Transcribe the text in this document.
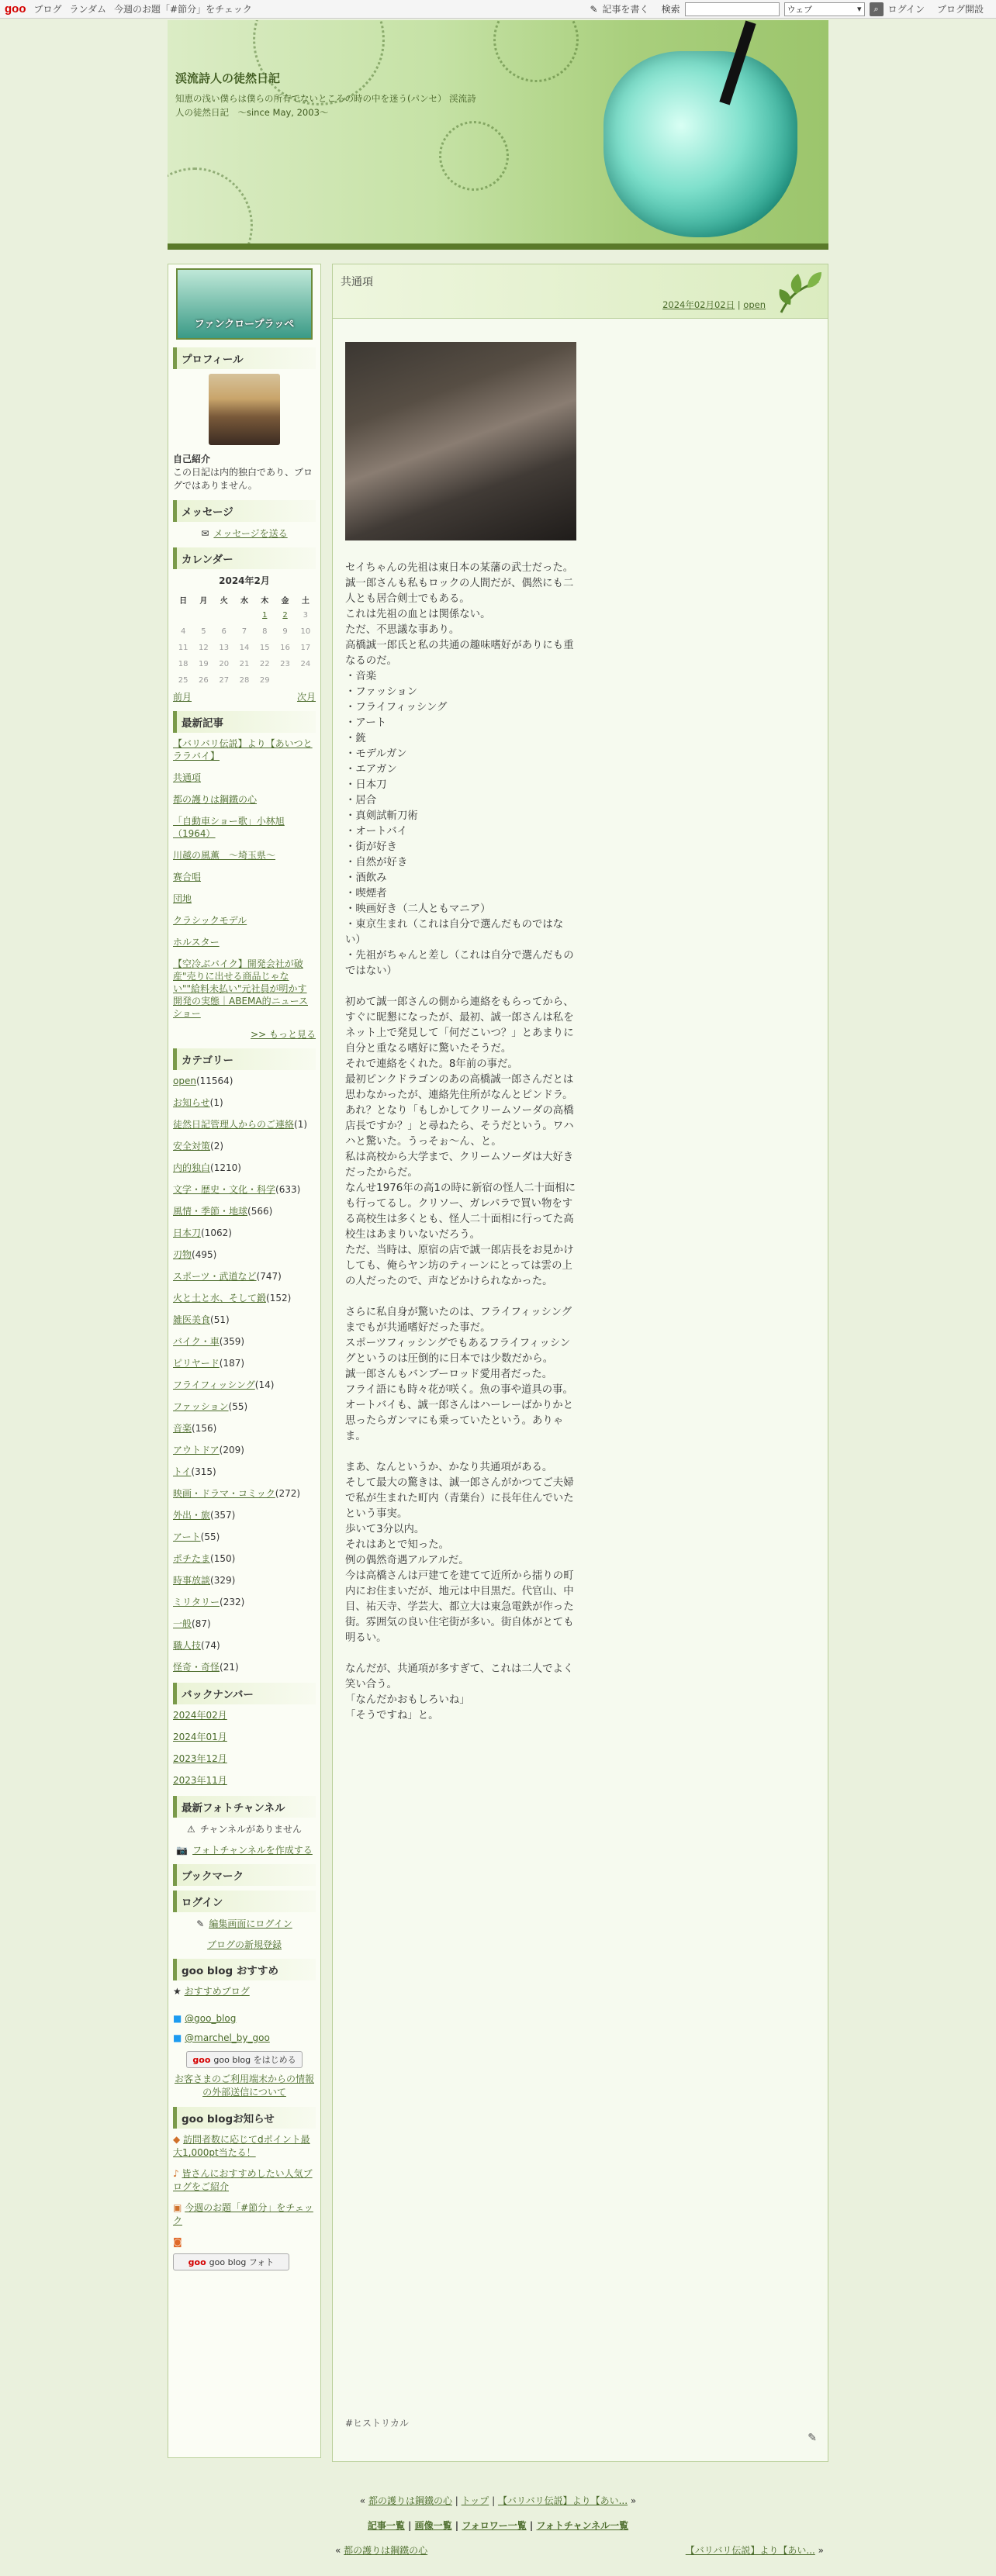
goo ブログ ランダム 今週のお題「#節分」をチェック	✎ 記事を書く 検索	ウェブ	▾ ⌕ ログイン ブログ開設
渓流詩人の徒然日記
知恵の浅い僕らは僕らの所有でないところの時の中を迷う(パンセ） 渓流詩人の徒然日記　〜since May, 2003〜
ファンクロープラッペ
プロフィール
自己紹介
この日記は内的独白であり、ブログではありません。
メッセージ
✉ メッセージを送る
カレンダー
2024年2月
日	月	火	水	木	金	土
				1	2	3
4	5	6	7	8	9	10
11	12	13	14	15	16	17
18	19	20	21	22	23	24
25	26	27	28	29		
前月	次月
最新記事
【バリバリ伝説】より【あいつとララバイ】
共通項
都の護りは鋼鐵の心
「自動車ショー歌」小林旭（1964）
川越の風薫　〜埼玉県〜
赛合唱
団地
クラシックモデル
ホルスター
【空冷ぶバイク】開発会社が破産"売りに出せる商品じゃない""給料未払い"元社員が明かす開発の実態｜ABEMA的ニュースショー
>> もっと見る
カテゴリー
open(11564)
お知らせ(1)
徒然日記管理人からのご連絡(1)
安全対策(2)
内的独白(1210)
文学・歴史・文化・科学(633)
風情・季節・地球(566)
日本刀(1062)
刃物(495)
スポーツ・武道など(747)
火と土と水、そして鍛(152)
雑医美食(51)
バイク・車(359)
ピリヤード(187)
フライフィッシング(14)
ファッション(55)
音楽(156)
アウトドア(209)
トイ(315)
映画・ドラマ・コミック(272)
外出・旅(357)
アート(55)
ポチたま(150)
時事放談(329)
ミリタリー(232)
一般(87)
職人技(74)
怪奇・奇怪(21)
バックナンバー
2024年02月
2024年01月
2023年12月
2023年11月
最新フォトチャンネル
⚠ チャンネルがありません
📷 フォトチャンネルを作成する
ブックマーク
ログイン
✎ 編集画面にログイン
ブログの新規登録
goo blog おすすめ
★ おすすめブログ
■ @goo_blog
■ @marchel_by_goo
goo goo blog をはじめる
お客さまのご利用端末からの情報の外部送信について
goo blogお知らせ
◆ 訪問者数に応じてdポイント最大1,000pt当たる！
♪ 皆さんにおすすめしたい人気ブログをご紹介
▣ 今週のお題「#節分」をチェック
◙
goo goo blog フォト
共通項
2024年02月02日 | open
セイちゃんの先祖は東日本の某藩の武士だった。
誠一郎さんも私もロックの人間だが、偶然にも二人とも居合剣士でもある。
これは先祖の血とは関係ない。
ただ、不思議な事あり。
高橋誠一郎氏と私の共通の趣味嗜好がありにも重なるのだ。
・音楽
・ファッション
・フライフィッシング
・アート
・銃
・モデルガン
・エアガン
・日本刀
・居合
・真剣試斬刀術
・オートバイ
・街が好き
・自然が好き
・酒飲み
・喫煙者
・映画好き（二人ともマニア）
・東京生まれ（これは自分で選んだものではない）
・先祖がちゃんと差し（これは自分で選んだものではない）

初めて誠一郎さんの側から連絡をもらってから、すぐに昵懇になったが、最初、誠一郎さんは私をネット上で発見して「何だこいつ？」とあまりに自分と重なる嗜好に驚いたそうだ。
それで連絡をくれた。8年前の事だ。
最初ピンクドラゴンのあの高橋誠一郎さんだとは思わなかったが、連絡先住所がなんとピンドラ。あれ？となり「もしかしてクリームソーダの高橋店長ですか？」と尋ねたら、そうだという。ワハハと驚いた。うっそぉ〜ん、と。
私は高校から大学まで、クリームソーダは大好きだったからだ。
なんせ1976年の高1の時に新宿の怪人二十面相にも行ってるし。クリソー、ガレパラで買い物をする高校生は多くとも、怪人二十面相に行ってた高校生はあまりいないだろう。
ただ、当時は、原宿の店で誠一郎店長をお見かけしても、俺らヤン坊のティーンにとっては雲の上の人だったので、声などかけられなかった。

さらに私自身が驚いたのは、フライフィッシングまでもが共通嗜好だった事だ。
スポーツフィッシングでもあるフライフィッシングというのは圧倒的に日本では少数だから。
誠一郎さんもバンブーロッド愛用者だった。
フライ語にも時々花が咲く。魚の事や道具の事。
オートバイも、誠一郎さんはハーレーばかりかと思ったらガンマにも乗っていたという。ありゃま。

まあ、なんというか、かなり共通項がある。
そして最大の驚きは、誠一郎さんがかつてご夫婦で私が生まれた町内（青葉台）に長年住んでいたという事実。
歩いて3分以内。
それはあとで知った。
例の偶然奇遇アルアルだ。
今は高橋さんは戸建てを建てて近所から擂りの町内にお住まいだが、地元は中目黒だ。代官山、中目、祐天寺、学芸大、都立大は東急電鉄が作った街。雰囲気の良い住宅街が多い。街自体がとても明るい。

なんだが、共通項が多すぎて、これは二人でよく笑い合う。
「なんだかおもしろいね」
「そうですね」と。
#ヒストリカル
✎
« 都の護りは鋼鐵の心 | トップ | 【バリバリ伝説】より【あい... »
記事一覧 | 画像一覧 | フォロワー一覧 | フォトチャンネル一覧
« 都の護りは鋼鐵の心	【バリバリ伝説】より【あい... »
